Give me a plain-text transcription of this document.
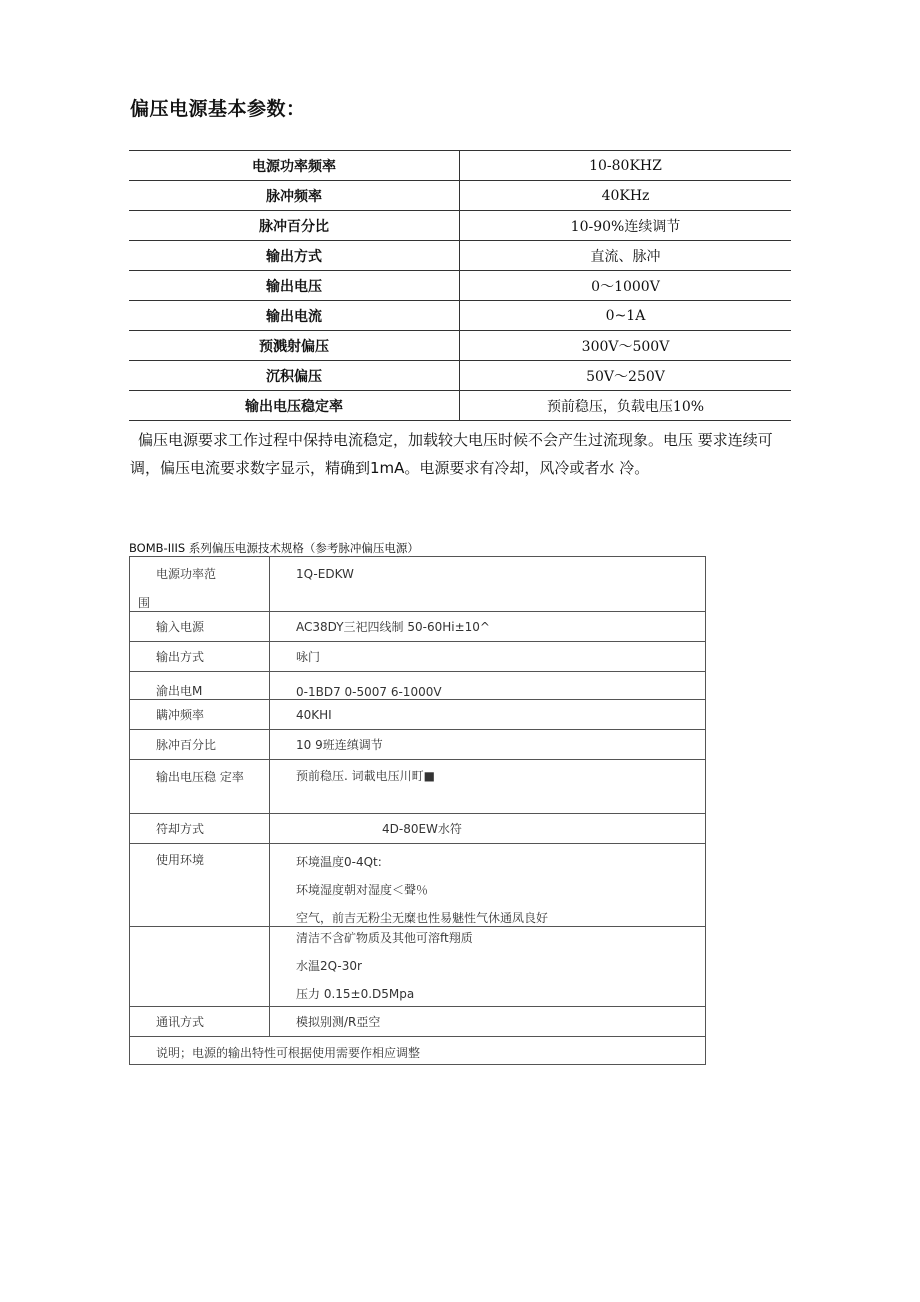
偏压电源基本参数：
电源功率频率	10-80KHZ
脉冲频率	40KHz
脉冲百分比	10-90%连续调节
输出方式	直流、脉冲
输出电压	0〜1000V
输出电流	0~1A
预溅射偏压	300V〜500V
沉积偏压	50V〜250V
输出电压稳定率	预前稳压，负载电压10%
偏压电源要求工作过程中保持电流稳定，加载较大电压时候不会产生过流现象。电压 要求连续可调，偏压电流要求数字显示，精确到1mA。电源要求有冷却，风冷或者水 冷。
BOMB-IIIS 系列偏压电源技术规格（参考脉冲偏压电源）
电源功率范
围	1Q-EDKW

输入电源	AC38DY三祀四线制 50-60Hi±10^
输出方式	咏门
渝出电M	0-1BD7 0-5007 6-1000V
瞒冲频率	40KHI
脉冲百分比	10 9班连缜调节

输出电压稳 定率	预前稳压. 词載电压川町■

符却方式	4D-80EW水符

使用环境	环境温度0-4Qt:
环境湿度朝对湿度＜聲％
空气，前吉无粉尘无糜也性易魅性气休通凤良好

	清洁不含矿物质及其他可溶ft翔质
水温2Q-30r
压力 0.15±0.D5Mpa

通讯方式	模拟别测/R亞空
说明；电源的输出特性可根据使用需要作相应调整	
